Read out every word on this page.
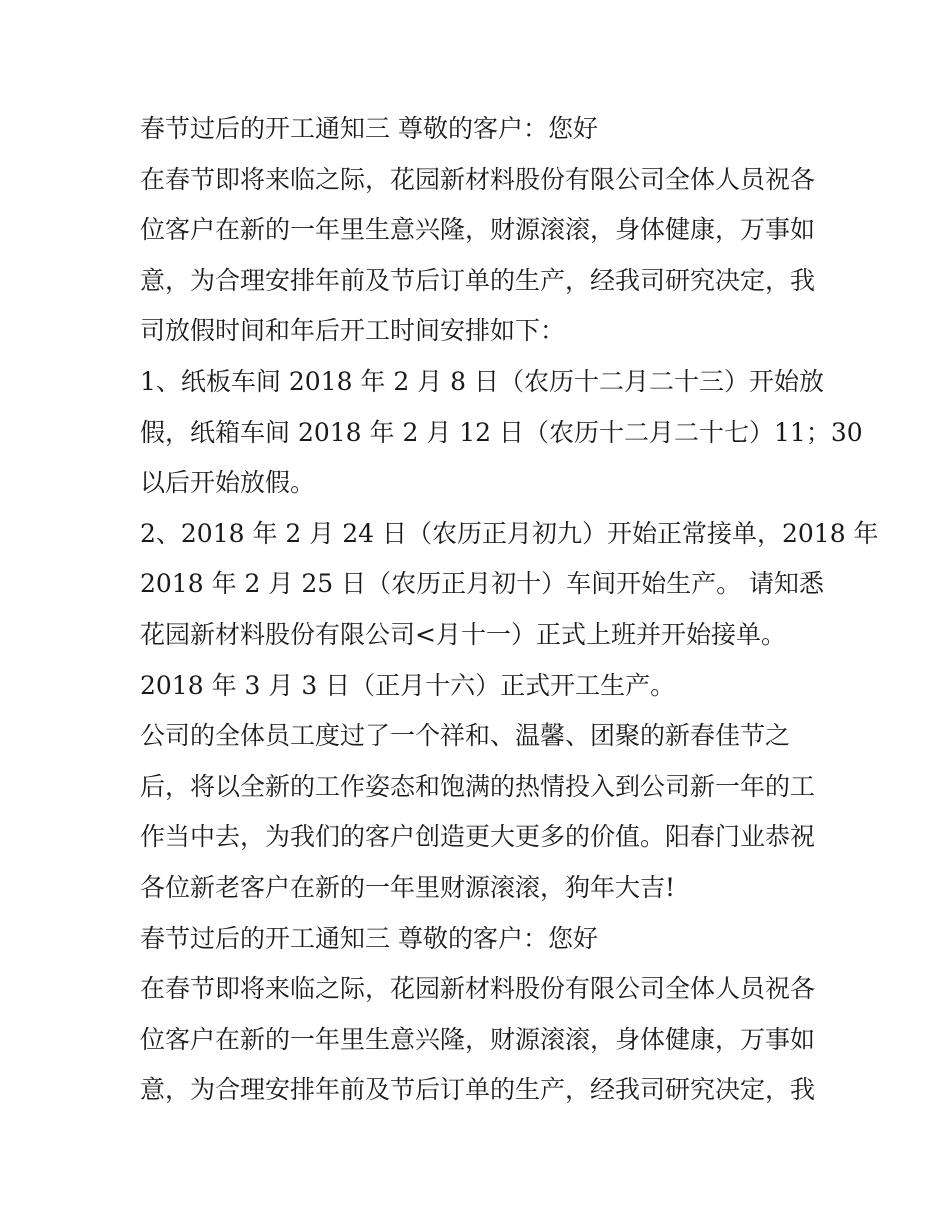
春节过后的开工通知三 尊敬的客户：您好
在春节即将来临之际，花园新材料股份有限公司全体人员祝各
位客户在新的一年里生意兴隆，财源滚滚，身体健康，万事如
意，为合理安排年前及节后订单的生产，经我司研究决定，我
司放假时间和年后开工时间安排如下：
1、纸板车间 2018 年 2 月 8 日（农历十二月二十三）开始放
假，纸箱车间 2018 年 2 月 12 日（农历十二月二十七）11；30
以后开始放假。
2、2018 年 2 月 24 日（农历正月初九）开始正常接单，2018 年
2018 年 2 月 25 日（农历正月初十）车间开始生产。 请知悉
花园新材料股份有限公司<月十一）正式上班并开始接单。
2018 年 3 月 3 日（正月十六）正式开工生产。
公司的全体员工度过了一个祥和、温馨、团聚的新春佳节之
后，将以全新的工作姿态和饱满的热情投入到公司新一年的工
作当中去，为我们的客户创造更大更多的价值。阳春门业恭祝
各位新老客户在新的一年里财源滚滚，狗年大吉!
春节过后的开工通知三 尊敬的客户：您好
在春节即将来临之际，花园新材料股份有限公司全体人员祝各
位客户在新的一年里生意兴隆，财源滚滚，身体健康，万事如
意，为合理安排年前及节后订单的生产，经我司研究决定，我
